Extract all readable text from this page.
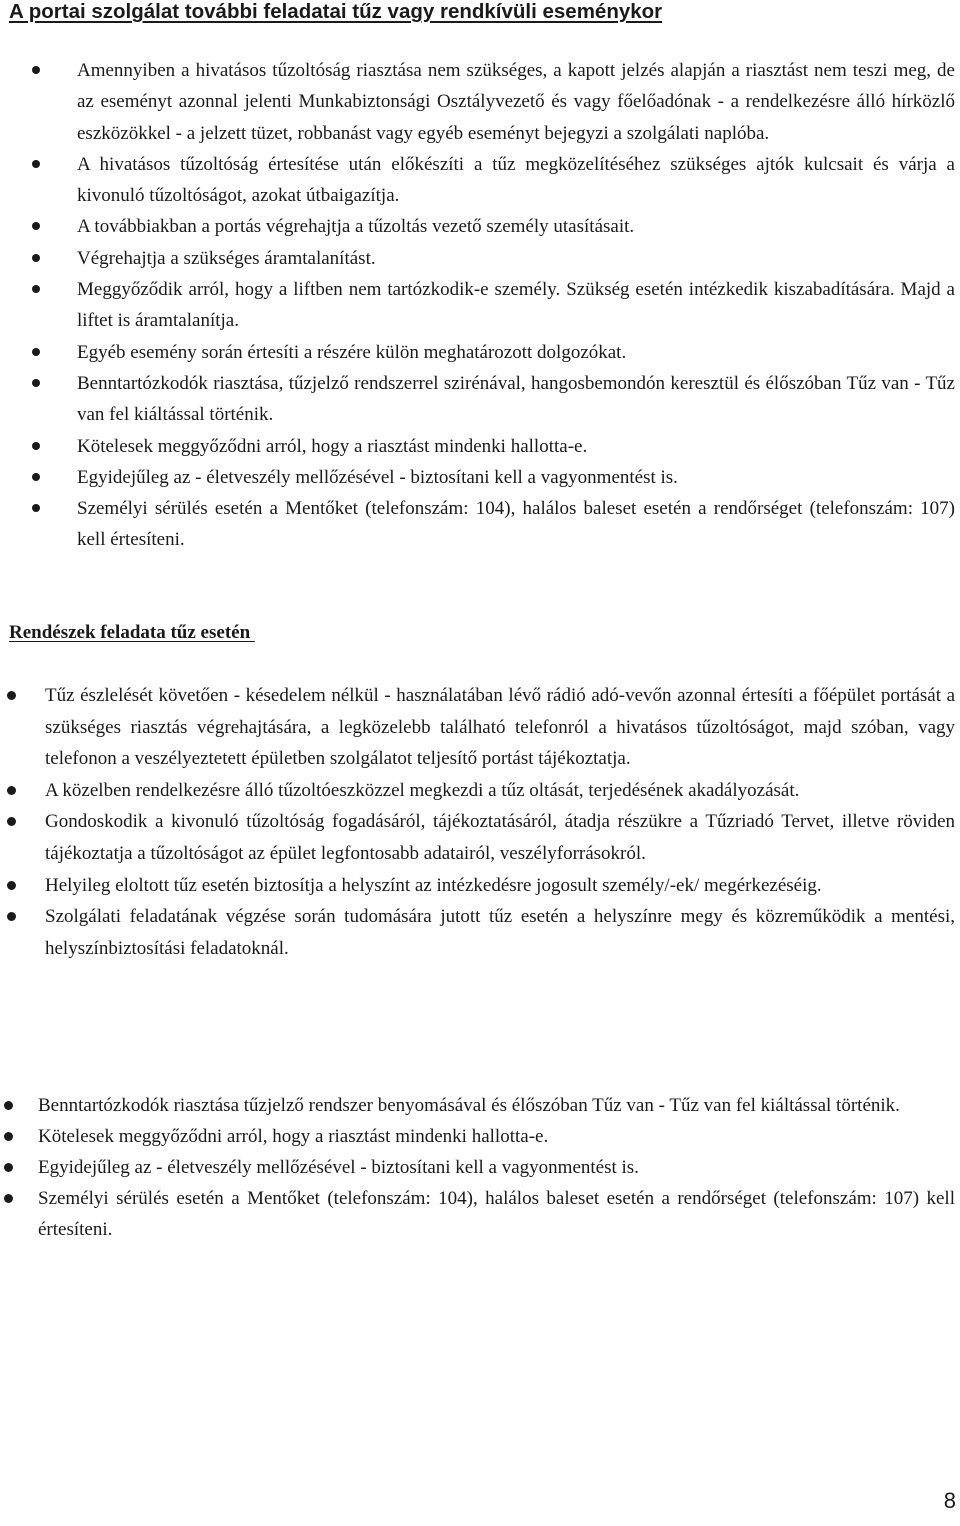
A portai szolgálat további feladatai tűz vagy rendkívüli eseménykor
Amennyiben a hivatásos tűzoltóság riasztása nem szükséges, a kapott jelzés alapján a riasztást nem teszi meg, de az eseményt azonnal jelenti Munkabiztonsági Osztályvezető és vagy főelőadónak - a rendelkezésre álló hírközlő eszközökkel - a jelzett tüzet, robbanást vagy egyéb eseményt bejegyzi a szolgálati naplóba.
A hivatásos tűzoltóság értesítése után előkészíti a tűz megközelítéséhez szükséges ajtók kulcsait és várja a kivonuló tűzoltóságot, azokat útbaigazítja.
A továbbiakban a portás végrehajtja a tűzoltás vezető személy utasításait.
Végrehajtja a szükséges áramtalanítást.
Meggyőződik arról, hogy a liftben nem tartózkodik-e személy. Szükség esetén intézkedik kiszabadítására. Majd a liftet is áramtalanítja.
Egyéb esemény során értesíti a részére külön meghatározott dolgozókat.
Benntartózkodók riasztása, tűzjelző rendszerrel szirénával, hangosbemondón keresztül és élőszóban Tűz van - Tűz van fel kiáltással történik.
Kötelesek meggyőződni arról, hogy a riasztást mindenki hallotta-e.
Egyidejűleg az - életveszély mellőzésével - biztosítani kell a vagyonmentést is.
Személyi sérülés esetén a Mentőket (telefonszám: 104), halálos baleset esetén a rendőrséget (telefonszám: 107) kell értesíteni.
Rendészek feladata tűz esetén
Tűz észlelését követően - késedelem nélkül - használatában lévő rádió adó-vevőn azonnal értesíti a főépület portását a szükséges riasztás végrehajtására, a legközelebb található telefonról a hivatásos tűzoltóságot, majd szóban, vagy telefonon a veszélyeztetett épületben szolgálatot teljesítő portást tájékoztatja.
A közelben rendelkezésre álló tűzoltóeszközzel megkezdi a tűz oltását, terjedésének akadályozását.
Gondoskodik a kivonuló tűzoltóság fogadásáról, tájékoztatásáról, átadja részükre a Tűzriadó Tervet, illetve röviden tájékoztatja a tűzoltóságot az épület legfontosabb adatairól, veszélyforrásokról.
Helyileg eloltott tűz esetén biztosítja a helyszínt az intézkedésre jogosult személy/-ek/ megérkezéséig.
Szolgálati feladatának végzése során tudomására jutott tűz esetén a helyszínre megy és közreműködik a mentési, helyszínbiztosítási feladatoknál.
Benntartózkodók riasztása tűzjelző rendszer benyomásával és élőszóban Tűz van - Tűz van fel kiáltással történik.
Kötelesek meggyőződni arról, hogy a riasztást mindenki hallotta-e.
Egyidejűleg az - életveszély mellőzésével - biztosítani kell a vagyonmentést is.
Személyi sérülés esetén a Mentőket (telefonszám: 104), halálos baleset esetén a rendőrséget (telefonszám: 107) kell értesíteni.
8
